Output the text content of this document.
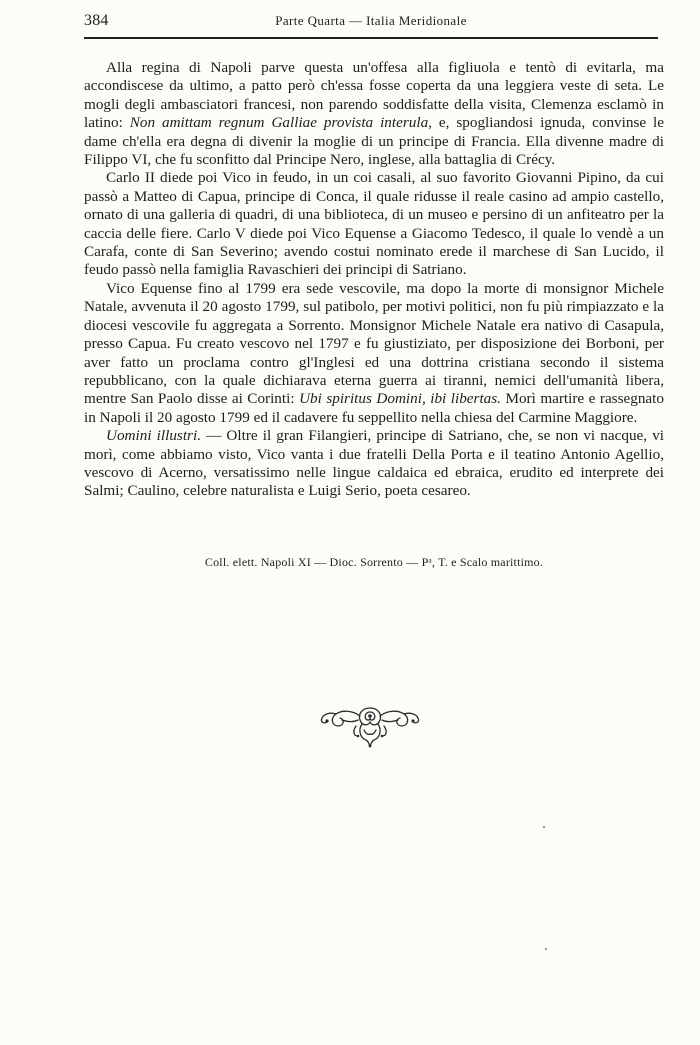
384	Parte Quarta — Italia Meridionale

Alla regina di Napoli parve questa un'offesa alla figliuola e tentò di evitarla, ma accondiscese da ultimo, a patto però ch'essa fosse coperta da una leggiera veste di seta. Le mogli degli ambasciatori francesi, non parendo soddisfatte della visita, Clemenza esclamò in latino: Non amittam regnum Galliae provista interula, e, spogliandosi ignuda, convinse le dame ch'ella era degna di divenir la moglie di un principe di Francia. Ella divenne madre di Filippo VI, che fu sconfitto dal Principe Nero, inglese, alla battaglia di Crécy.

Carlo II diede poi Vico in feudo, in un coi casali, al suo favorito Giovanni Pipino, da cui passò a Matteo di Capua, principe di Conca, il quale ridusse il reale casino ad ampio castello, ornato di una galleria di quadri, di una biblioteca, di un museo e persino di un anfiteatro per la caccia delle fiere. Carlo V diede poi Vico Equense a Giacomo Tedesco, il quale lo vendè a un Carafa, conte di San Severino; avendo costui nominato erede il marchese di San Lucido, il feudo passò nella famiglia Ravaschieri dei principi di Satriano.

Vico Equense fino al 1799 era sede vescovile, ma dopo la morte di monsignor Michele Natale, avvenuta il 20 agosto 1799, sul patibolo, per motivi politici, non fu più rimpiazzato e la diocesi vescovile fu aggregata a Sorrento. Monsignor Michele Natale era nativo di Casapula, presso Capua. Fu creato vescovo nel 1797 e fu giustiziato, per disposizione dei Borboni, per aver fatto un proclama contro gl'Inglesi ed una dottrina cristiana secondo il sistema repubblicano, con la quale dichiarava eterna guerra ai tiranni, nemici dell'umanità libera, mentre San Paolo disse ai Corinti: Ubi spiritus Domini, ibi libertas. Morì martire e rassegnato in Napoli il 20 agosto 1799 ed il cadavere fu seppellito nella chiesa del Carmine Maggiore.

Uomini illustri. — Oltre il gran Filangieri, principe di Satriano, che, se non vi nacque, vi morì, come abbiamo visto, Vico vanta i due fratelli Della Porta e il teatino Antonio Agellio, vescovo di Acerno, versatissimo nelle lingue caldaica ed ebraica, erudito ed interprete dei Salmi; Caulino, celebre naturalista e Luigi Serio, poeta cesareo.

Coll. elett. Napoli XI — Dioc. Sorrento — Pᵃ, T. e Scalo marittimo.
